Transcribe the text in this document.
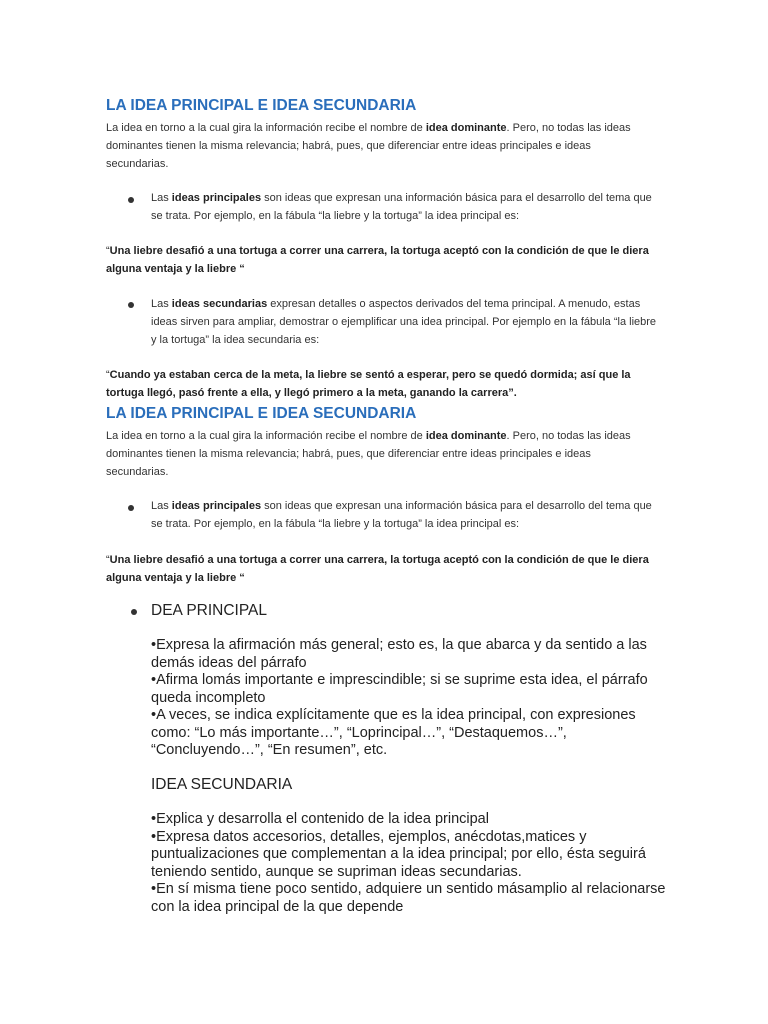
LA IDEA PRINCIPAL E IDEA SECUNDARIA

La idea en torno a la cual gira la información recibe el nombre de idea dominante. Pero, no todas las ideas dominantes tienen la misma relevancia; habrá, pues, que diferenciar entre ideas principales e ideas secundarias.

Las ideas principales son ideas que expresan una información básica para el desarrollo del tema que se trata. Por ejemplo, en la fábula “la liebre y la tortuga” la idea principal es:

“Una liebre desafió a una tortuga a correr una carrera, la tortuga aceptó con la condición de que le diera alguna ventaja y la liebre “

Las ideas secundarias expresan detalles o aspectos derivados del tema principal. A menudo, estas ideas sirven para ampliar, demostrar o ejemplificar una idea principal. Por ejemplo en la fábula “la liebre y la tortuga” la idea secundaria es:

“Cuando ya estaban cerca de la meta, la liebre se sentó a esperar, pero se quedó dormida; así que la tortuga llegó, pasó frente a ella, y llegó primero a la meta, ganando la carrera”.

LA IDEA PRINCIPAL E IDEA SECUNDARIA

La idea en torno a la cual gira la información recibe el nombre de idea dominante. Pero, no todas las ideas dominantes tienen la misma relevancia; habrá, pues, que diferenciar entre ideas principales e ideas secundarias.

Las ideas principales son ideas que expresan una información básica para el desarrollo del tema que se trata. Por ejemplo, en la fábula “la liebre y la tortuga” la idea principal es:

“Una liebre desafió a una tortuga a correr una carrera, la tortuga aceptó con la condición de que le diera alguna ventaja y la liebre “

DEA PRINCIPAL

•Expresa la afirmación más general; esto es, la que abarca y da sentido a las demás ideas del párrafo
•Afirma lomás importante e imprescindible; si se suprime esta idea, el párrafo queda incompleto
•A veces, se indica explícitamente que es la idea principal, con expresiones como: “Lo más importante…”, “Loprincipal…”, “Destaquemos…”, “Concluyendo…”, “En resumen”, etc.

IDEA SECUNDARIA

•Explica y desarrolla el contenido de la idea principal
•Expresa datos accesorios, detalles, ejemplos, anécdotas,matices y puntualizaciones que complementan a la idea principal; por ello, ésta seguirá teniendo sentido, aunque se supriman ideas secundarias.
•En sí misma tiene poco sentido, adquiere un sentido másamplio al relacionarse con la idea principal de la que depende
